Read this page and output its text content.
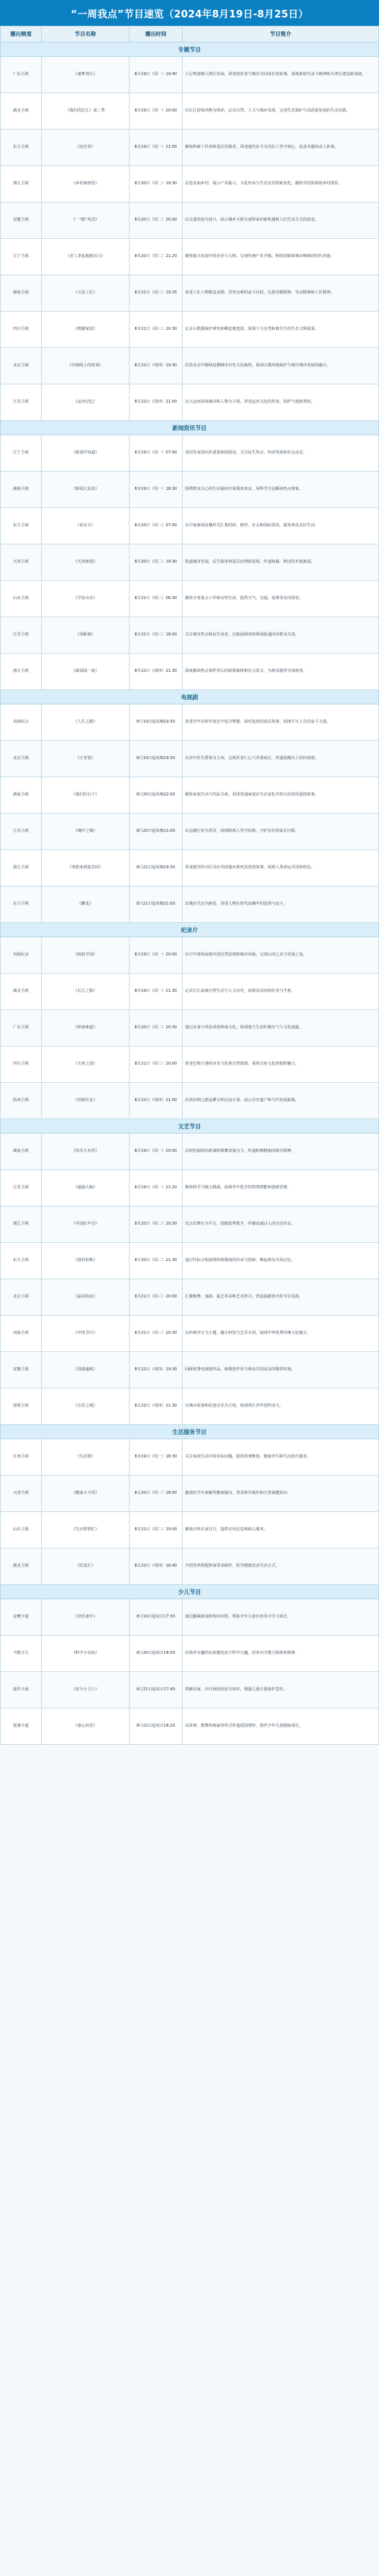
“一周我点”节目速览（2024年8月19日-8月25日）
播出频道	节目名称	播出时间	节目简介
专题节目			
广东卫视	《逐梦湾区》	8月19日（周一）19:40	立足粤港澳大湾区发展，讲述创业者与城市共同成长的故事，展现新时代奋斗精神和大湾区建设新成就。
湖北卫视	《我们的长江》第二季	8月19日（周一）20:00	以长江沿线风物为线索，记录自然、人文与城乡发展，呈现生态保护与高质量发展的生动实践。
东方卫视	《追光者》	8月19日（周一）21:00	聚焦科研工作者和基层实践者，讲述他们在平凡岗位上坚守初心、追求卓越的动人故事。
浙江卫视	《乡村新画卷》	8月20日（周二）19:30	走进美丽乡村，展示产业振兴、文化传承与生态宜居的新变化，描绘共同富裕的乡村图景。
安徽卫视	《一“路”风景》	8月20日（周二）20:00	以交通发展为切口，展示城乡互联互通带来的新机遇和人们生活方式的改变。
辽宁卫视	《老工业基地新活力》	8月20日（周二）21:20	聚焦振兴发展中的企业与人物，呈现传统产业升级、科技创新和城市焕新的时代风貌。
湖南卫视	《大国工匠》	8月21日（周三）19:35	讲述工匠人物精益求精、攻坚克难的奋斗历程，弘扬劳模精神、劳动精神和工匠精神。
四川卫视	《熊猫家园》	8月21日（周三）20:30	记录大熊猫保护研究和栖息地建设，展现人与自然和谐共生的生态文明成果。
北京卫视	《中轴线上的故事》	8月22日（周四）19:30	沿着北京中轴线追溯城市历史文化脉络，展现古都风貌保护与现代城市发展的融合。
江苏卫视	《运河记忆》	8月22日（周四）21:00	以大运河沿线城市和人物为主线，讲述运河文化的传承、保护与创新利用。
新闻资讯节目			
辽宁卫视	《新闻早知道》	8月19日（周一）07:00	及时发布国内外重要新闻资讯，关注民生热点、经济发展和社会动态。
湖南卫视	《新闻大求真》	8月19日（周一）18:30	围绕群众关心的生活疑问开展调查求证，用科学方法解读热点现象。
东方卫视	《看东方》	8月20日（周二）07:00	以早间新闻直播形式汇集时政、财经、社会和国际资讯，服务观众美好生活。
天津卫视	《天津新闻》	8月20日（周二）19:30	报道城市发展、民生服务和基层治理新进展，传递权威、鲜活的本地新闻。
山东卫视	《早安山东》	8月21日（周三）06:30	聚焦全省重点工作和百姓生活，提供天气、交通、消费等实用资讯。
江苏卫视	《零距离》	8月21日（周三）18:00	关注城市热点和民生诉求，以新闻调查和现场报道回应群众关切。
浙江卫视	《新闻深一度》	8月22日（周四）21:30	深度解读热点事件背后的政策脉络和社会意义，为观众提供全面视角。
电视剧			
央视综合	《人生之路》	8月19日起每晚19:30	讲述青年在时代变迁中追寻理想、面对选择的成长故事，展现平凡人生的奋斗力量。
北京卫视	《正青春》	8月19日起每晚19:30	以青年医生群体为主角，呈现医者仁心与青春成长，传递温暖向上的价值观。
湖南卫视	《我们的日子》	8月20日起每晚22:00	聚焦家庭生活与代际关系，讲述普通家庭在生活变化中相互扶持的温情故事。
江苏卫视	《城中之城》	8月20日起每晚21:00	以金融行业为背景，展现职场人坚守原则、守护信任的成长历程。
浙江卫视	《欢迎来到麦乐村》	8月21日起每晚19:30	讲述援外医疗队员在异国他乡救死扶伤的故事，展现人类命运共同体理念。
东方卫视	《繁花》	8月21日起每晚21:00	以城市生活为画卷，讲述人物在时代浪潮中的选择与奋斗。
纪录片			
央视纪录	《航拍中国》	8月19日（周一）20:00	以空中视角展现中国自然景观和城市风貌，呈现山河之美与发展之变。
湖北卫视	《长江之歌》	8月19日（周一）21:30	记录长江流域自然生态与人文历史，展现母亲河的壮美与生机。
广东卫视	《岭南味道》	8月20日（周二）20:30	通过美食与风俗讲述岭南文化，展现地方生活的烟火气与文化底蕴。
四川卫视	《天府之国》	8月21日（周三）20:00	讲述巴蜀大地的历史文化和自然资源，展现天府文化的独特魅力。
陕西卫视	《丝路长安》	8月22日（周四）21:00	沿着丝绸之路追溯文明交流互鉴，展示历史遗产和当代发展新篇。
文艺节目			
湖南卫视	《快乐大本营》	8月19日（周一）20:00	以轻松愉快的游戏和歌舞表演为主，传递积极健康的娱乐精神。
江苏卫视	《最强大脑》	8月19日（周一）21:20	聚焦科学与脑力挑战，展现青年选手的智慧潜能和创新思维。
浙江卫视	《中国好声音》	8月20日（周二）20:30	以音乐舞台为平台，挖掘优秀歌手，传播真诚动人的音乐作品。
东方卫视	《我们的歌》	8月20日（周二）21:30	通过代际合唱展现经典歌曲的传承与创新，唤起观众共同记忆。
北京卫视	《最美的夜》	8月21日（周三）20:00	汇聚歌舞、戏曲、曲艺等多种艺术形式，营造温暖喜庆的节目氛围。
河南卫视	《中国节日》	8月21日（周三）20:30	以传统节日为主题，融合科技与艺术手段，展现中华优秀传统文化魅力。
安徽卫视	《国剧盛典》	8月22日（周四）19:30	回顾优秀电视剧作品，致敬创作者与观众共同见证的精彩时刻。
深圳卫视	《音乐之城》	8月22日（周四）21:30	以城市故事和原创音乐为主线，展现湾区青年创作活力。
生活服务节目			
江西卫视	《生活帮》	8月19日（周一）18:30	关注家庭生活中的实际问题，提供消费维权、健康养生和生活技巧服务。
天津卫视	《健康大不同》	8月20日（周二）18:00	邀请医学专家解答健康疑问，普及科学就医和日常保健知识。
山东卫视	《生活帮帮忙》	8月21日（周三）19:00	聚焦百姓衣食住行，提供实用信息和贴心服务。
湖北卫视	《饮食汇》	8月22日（周四）18:40	介绍营养搭配和家常菜制作，倡导健康饮食生活方式。
少儿节目			
金鹰卡通	《快乐童年》	8月19日起每日17:30	通过趣味游戏和知识问答，帮助少年儿童在快乐中学习成长。
卡酷少儿	《科学小实验》	8月20日起每日18:00	以简单有趣的实验激发孩子科学兴趣，培养动手能力和探索精神。
嘉佳卡通	《安全小卫士》	8月21日起每日17:40	讲解居家、出行和校园安全知识，增强儿童自我保护意识。
优漫卡通	《童心向党》	8月22日起每日18:20	以故事、歌舞和朗诵等形式传递爱国情怀，陪伴少年儿童健康成长。
